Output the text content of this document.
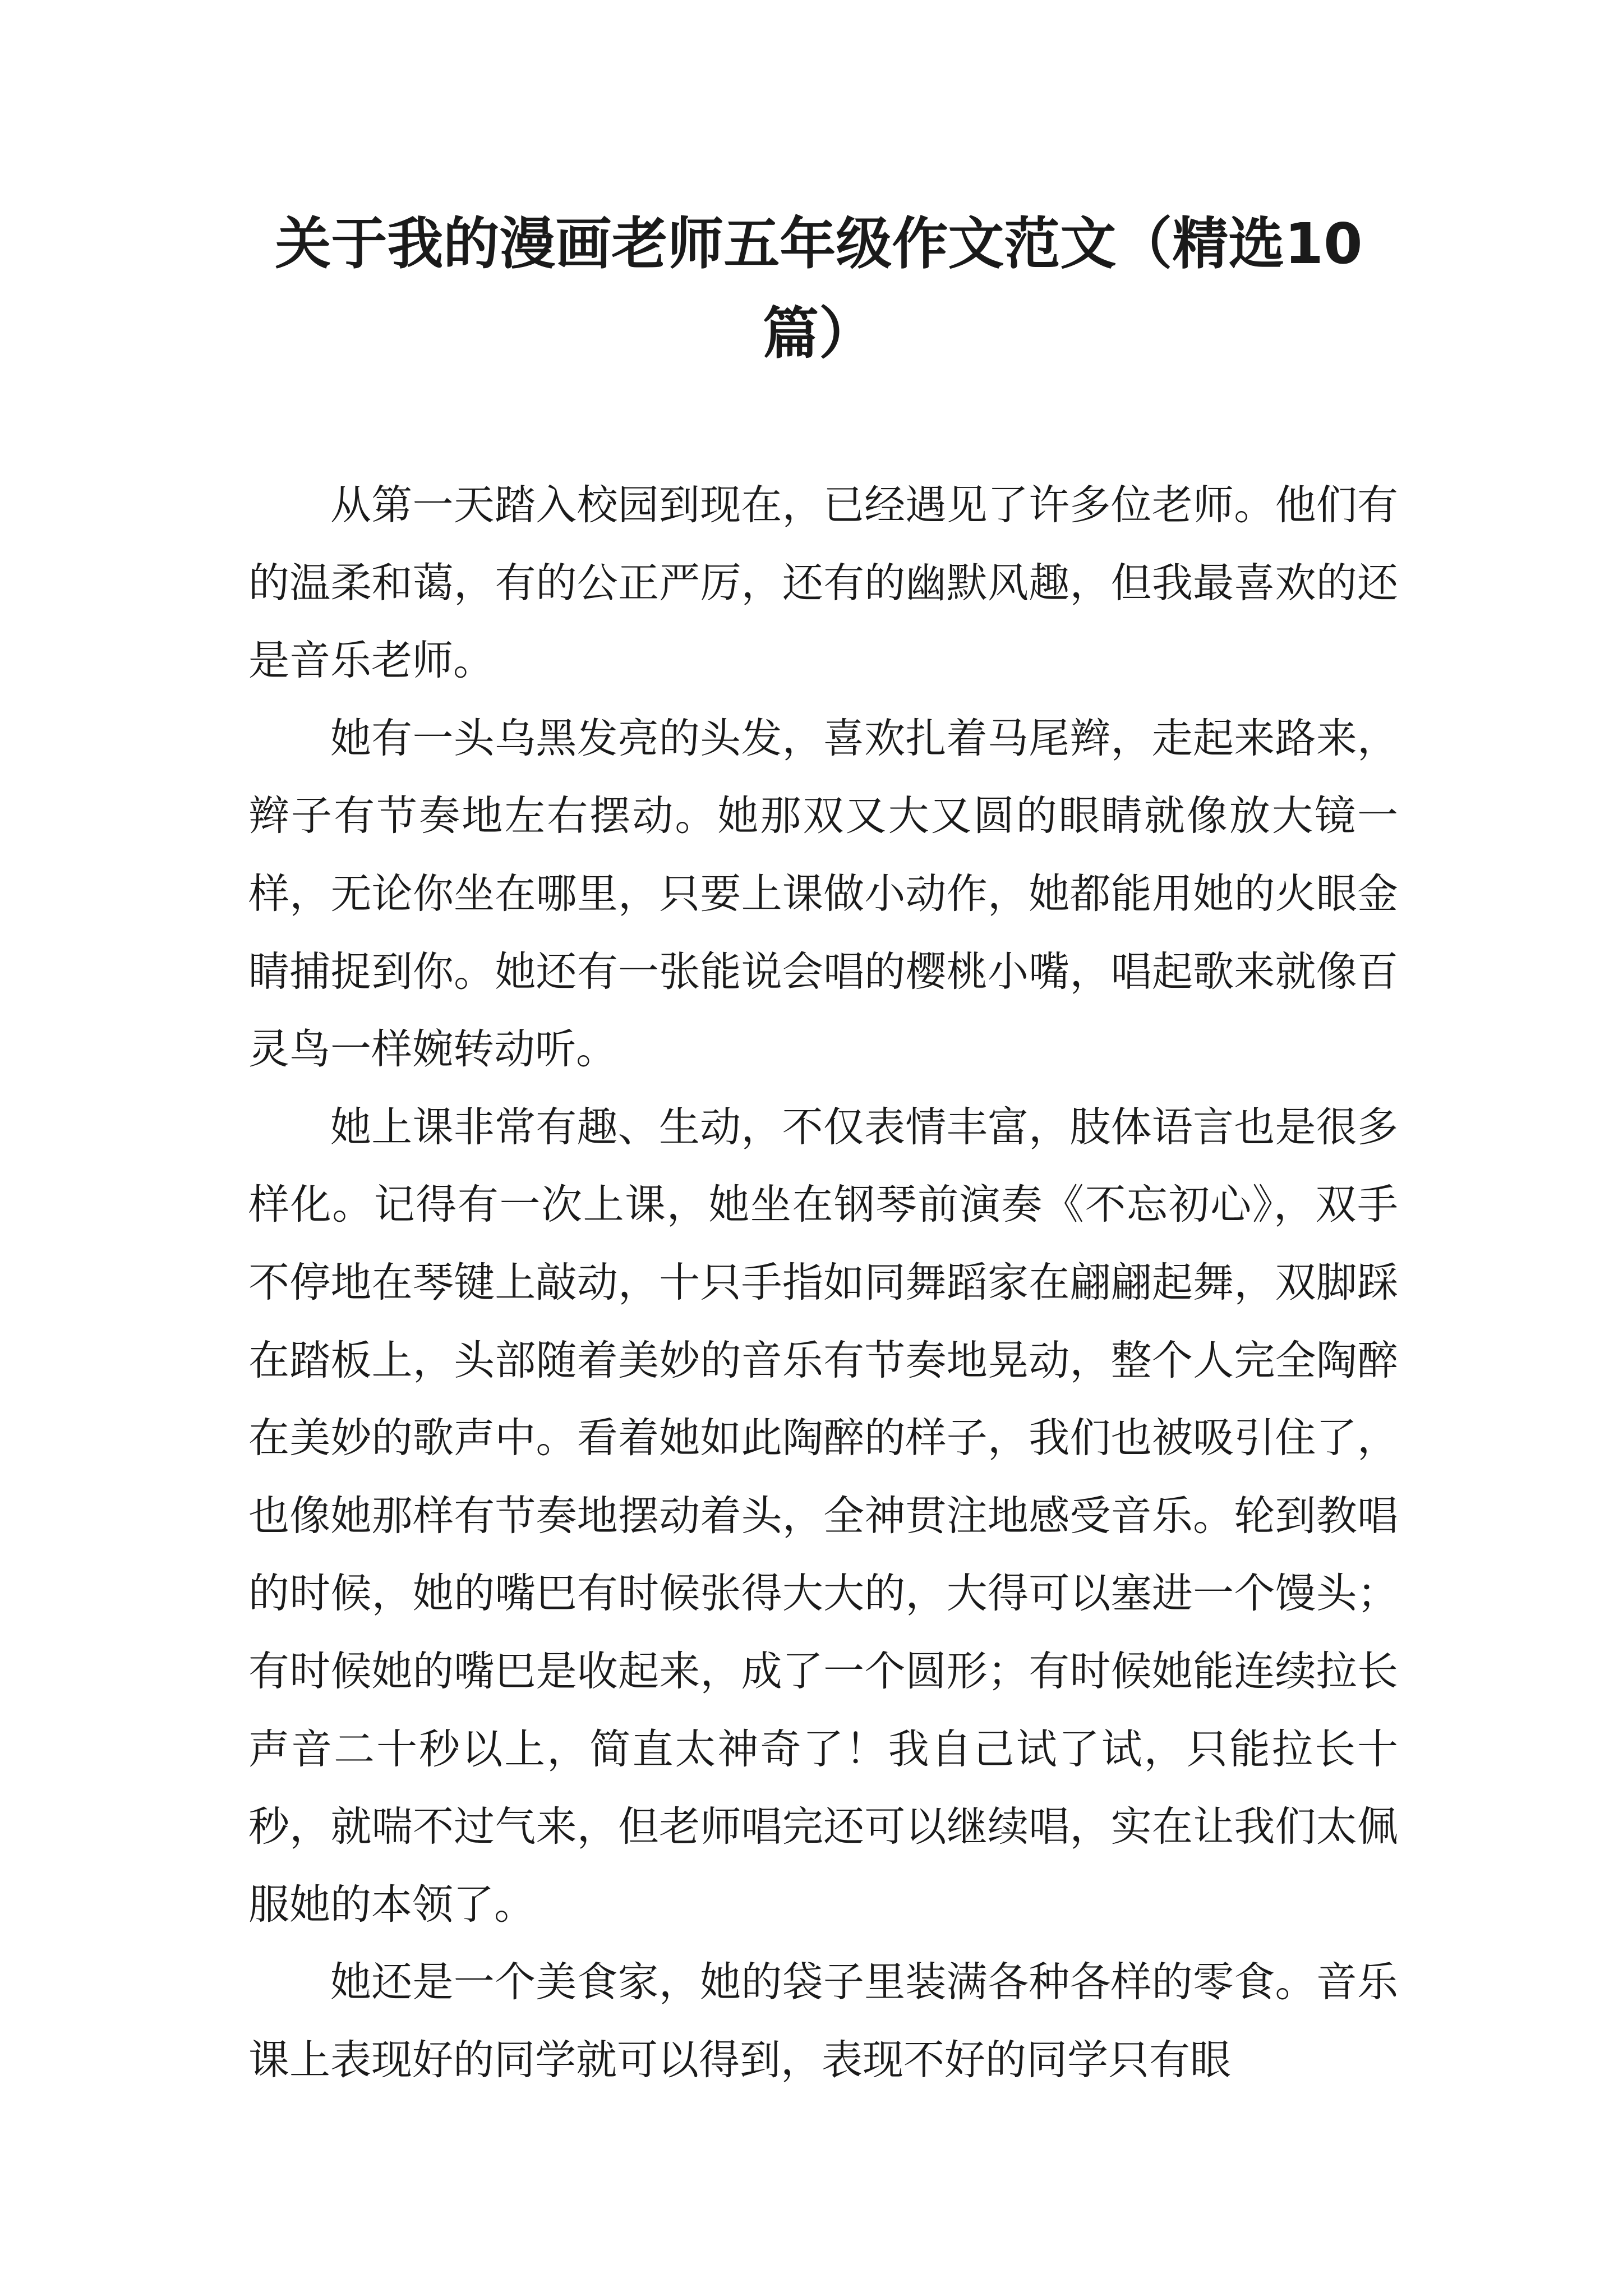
关于我的漫画老师五年级作文范文（精选10篇）

从第一天踏入校园到现在，已经遇见了许多位老师。他们有的温柔和蔼，有的公正严厉，还有的幽默风趣，但我最喜欢的还是音乐老师。

她有一头乌黑发亮的头发，喜欢扎着马尾辫，走起来路来，辫子有节奏地左右摆动。她那双又大又圆的眼睛就像放大镜一样，无论你坐在哪里，只要上课做小动作，她都能用她的火眼金睛捕捉到你。她还有一张能说会唱的樱桃小嘴，唱起歌来就像百灵鸟一样婉转动听。

她上课非常有趣、生动，不仅表情丰富，肢体语言也是很多样化。记得有一次上课，她坐在钢琴前演奏《不忘初心》，双手不停地在琴键上敲动，十只手指如同舞蹈家在翩翩起舞，双脚踩在踏板上，头部随着美妙的音乐有节奏地晃动，整个人完全陶醉在美妙的歌声中。看着她如此陶醉的样子，我们也被吸引住了，也像她那样有节奏地摆动着头，全神贯注地感受音乐。轮到教唱的时候，她的嘴巴有时候张得大大的，大得可以塞进一个馒头；有时候她的嘴巴是收起来，成了一个圆形；有时候她能连续拉长声音二十秒以上，简直太神奇了！我自己试了试，只能拉长十秒，就喘不过气来，但老师唱完还可以继续唱，实在让我们太佩服她的本领了。

她还是一个美食家，她的袋子里装满各种各样的零食。音乐课上表现好的同学就可以得到，表现不好的同学只有眼
